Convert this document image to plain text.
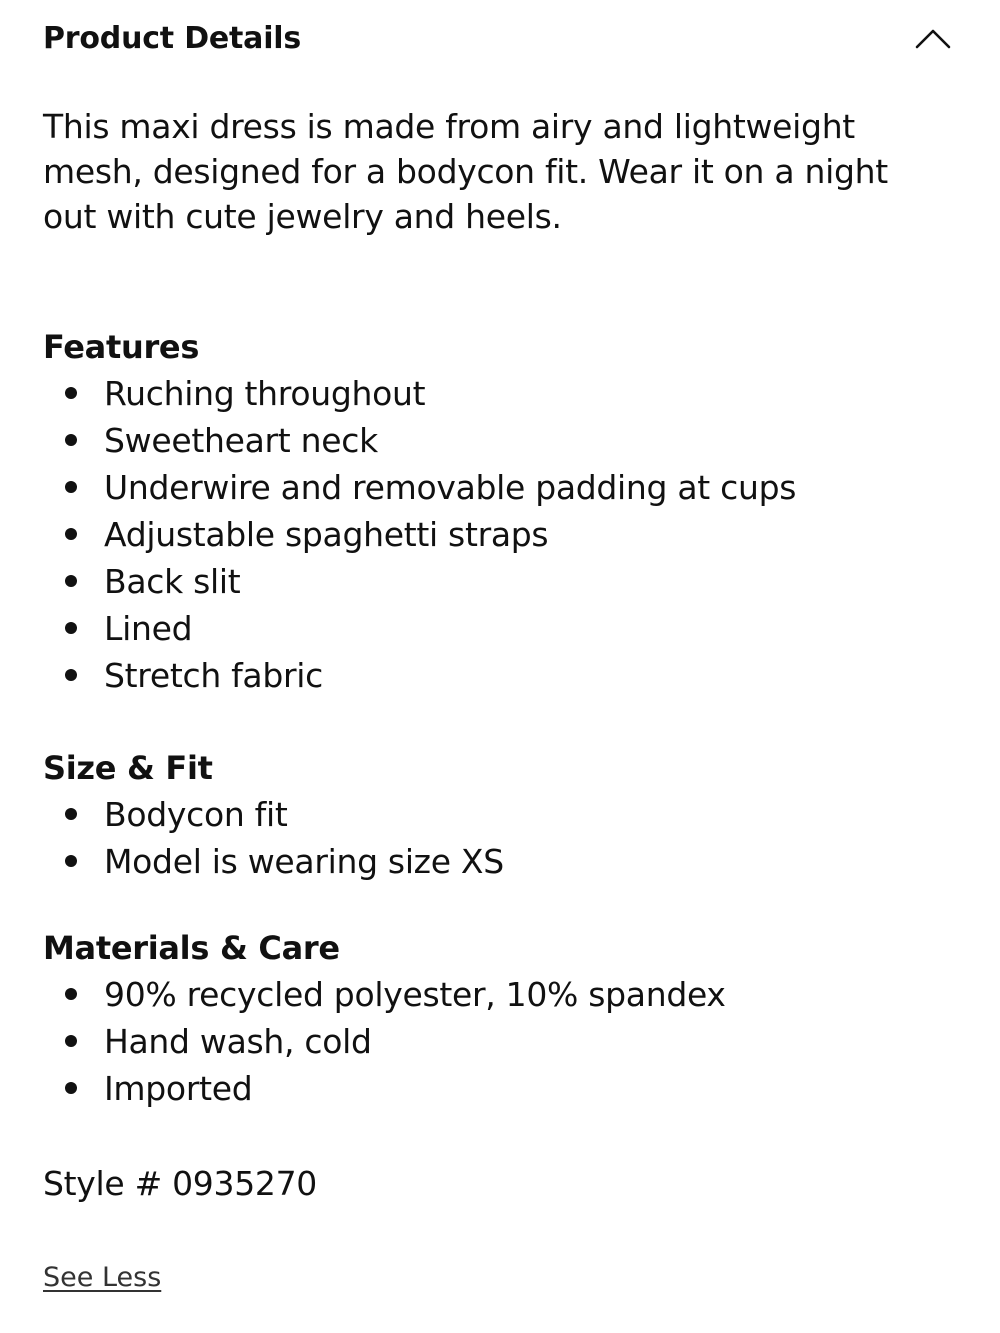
Product Details

This maxi dress is made from airy and lightweight mesh, designed for a bodycon fit. Wear it on a night out with cute jewelry and heels.

Features
Ruching throughout
Sweetheart neck
Underwire and removable padding at cups
Adjustable spaghetti straps
Back slit
Lined
Stretch fabric
Size & Fit
Bodycon fit
Model is wearing size XS
Materials & Care
90% recycled polyester, 10% spandex
Hand wash, cold
Imported
Style # 0935270
See Less
